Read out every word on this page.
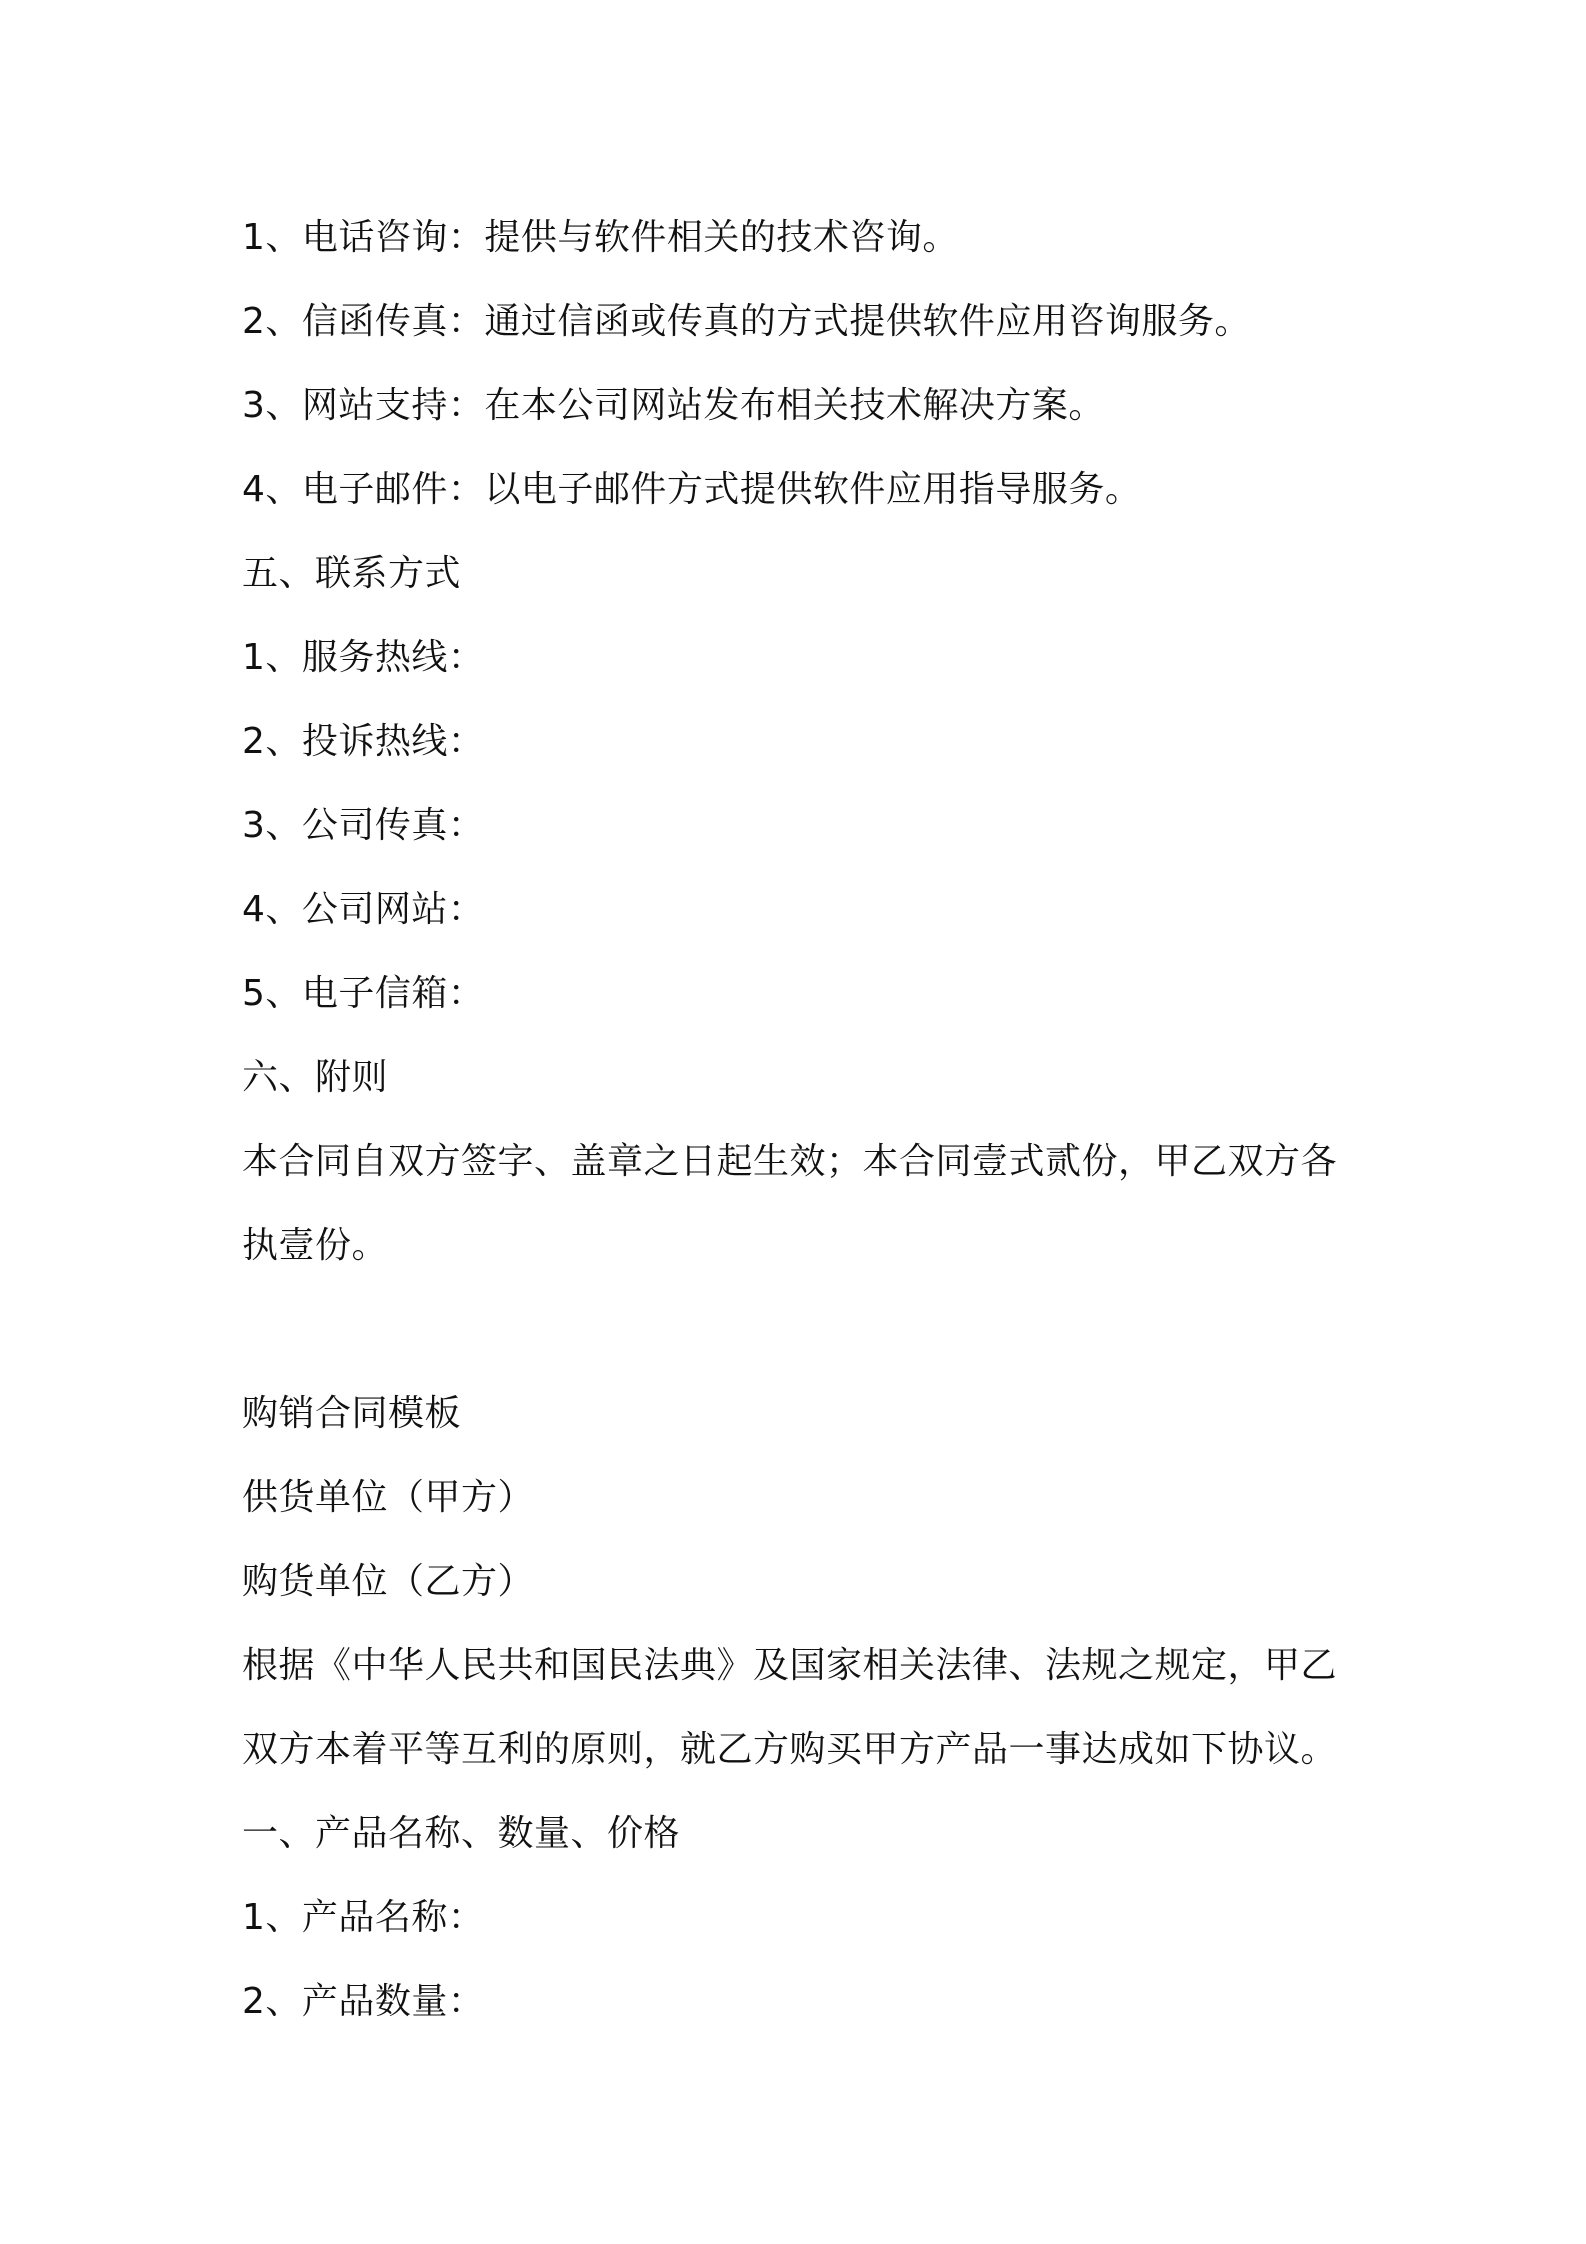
1、电话咨询：提供与软件相关的技术咨询。
2、信函传真：通过信函或传真的方式提供软件应用咨询服务。
3、网站支持：在本公司网站发布相关技术解决方案。
4、电子邮件：以电子邮件方式提供软件应用指导服务。
五、联系方式
1、服务热线：
2、投诉热线：
3、公司传真：
4、公司网站：
5、电子信箱：
六、附则
本合同自双方签字、盖章之日起生效；本合同壹式贰份，甲乙双方各
执壹份。
购销合同模板
供货单位（甲方）
购货单位（乙方）
根据《中华人民共和国民法典》及国家相关法律、法规之规定，甲乙
双方本着平等互利的原则，就乙方购买甲方产品一事达成如下协议。
一、产品名称、数量、价格
1、产品名称：
2、产品数量：
